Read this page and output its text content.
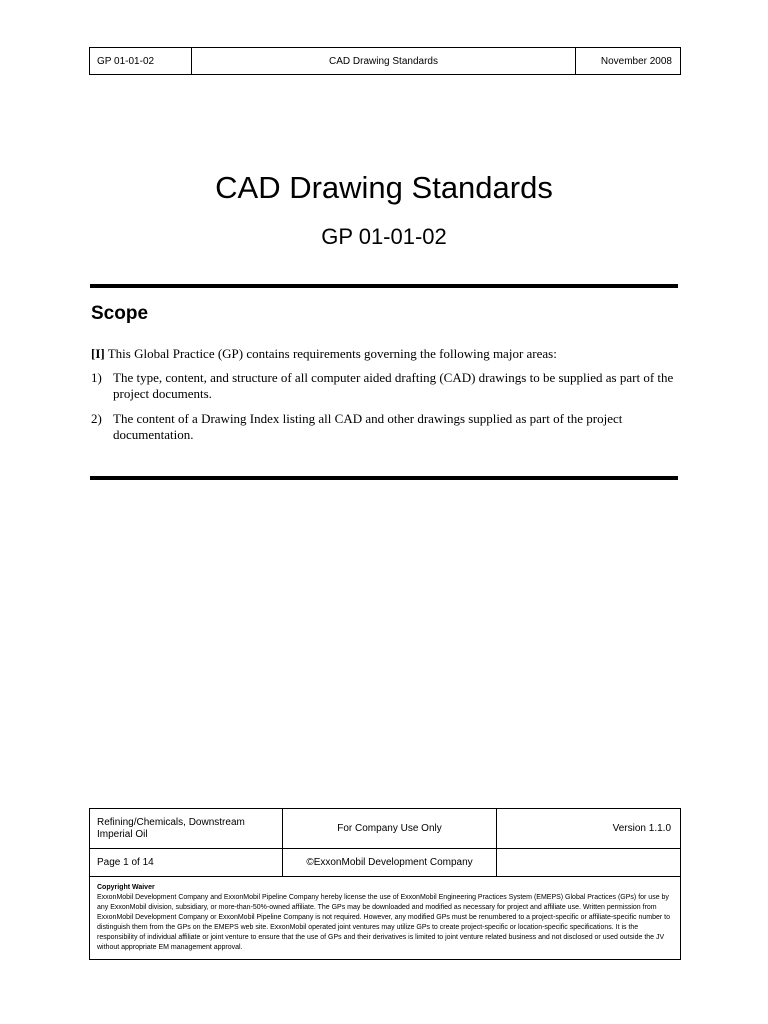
GP 01-01-02	CAD Drawing Standards	November 2008
CAD Drawing Standards
GP 01-01-02
Scope
[I] This Global Practice (GP) contains requirements governing the following major areas:
1) The type, content, and structure of all computer aided drafting (CAD) drawings to be supplied as part of the project documents.
2) The content of a Drawing Index listing all CAD and other drawings supplied as part of the project documentation.
Refining/Chemicals, Downstream
Imperial Oil	For Company Use Only	Version 1.1.0
Page 1 of 14	©ExxonMobil Development Company
Copyright Waiver
ExxonMobil Development Company and ExxonMobil Pipeline Company hereby license the use of ExxonMobil Engineering Practices System (EMEPS) Global Practices (GPs) for use by any ExxonMobil division, subsidiary, or more-than-50%-owned affiliate. The GPs may be downloaded and modified as necessary for project and affiliate use. Written permission from ExxonMobil Development Company or ExxonMobil Pipeline Company is not required. However, any modified GPs must be renumbered to a project-specific or affiliate-specific number to distinguish them from the GPs on the EMEPS web site. ExxonMobil operated joint ventures may utilize GPs to create project-specific or location-specific specifications. It is the responsibility of individual affiliate or joint venture to ensure that the use of GPs and their derivatives is limited to joint venture related business and not disclosed or used outside the JV without appropriate EM management approval.
